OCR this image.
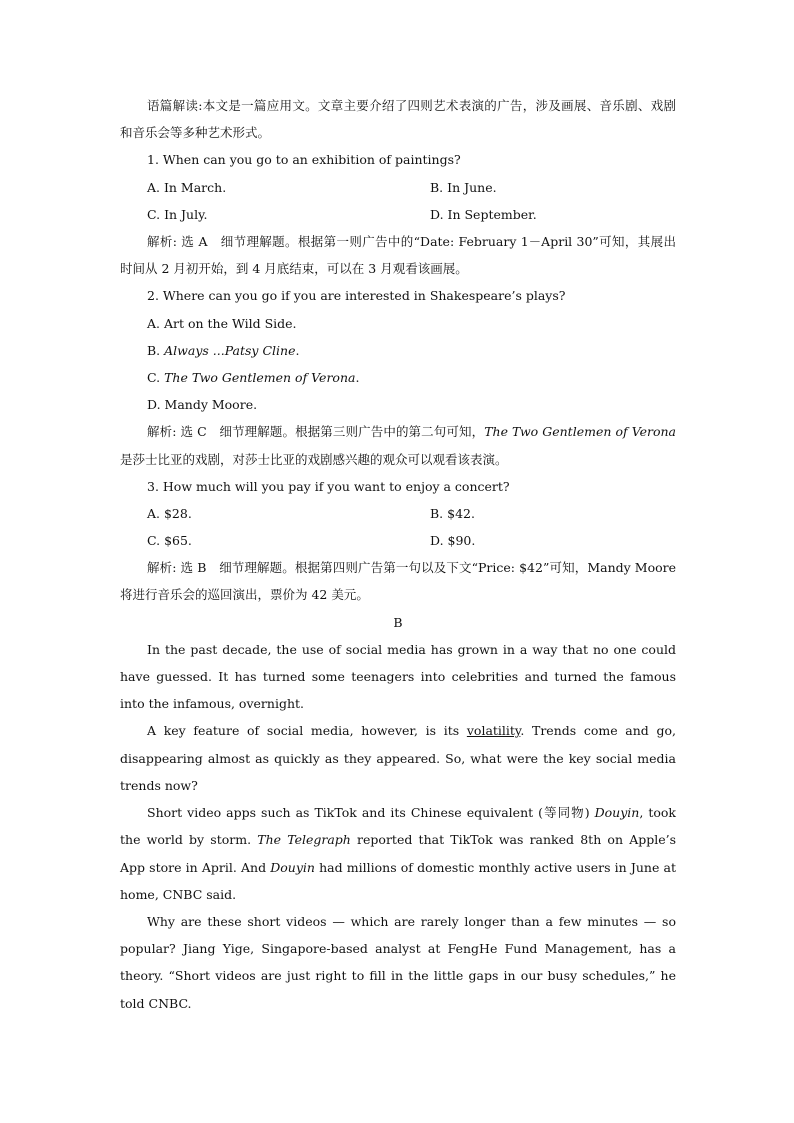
语篇解读:本文是一篇应用文。文章主要介绍了四则艺术表演的广告，涉及画展、音乐剧、戏剧和音乐会等多种艺术形式。

1. When can you go to an exhibition of paintings?
A. In March.	B. In June.
C. In July.	D. In September.

解析: 选 A　细节理解题。根据第一则广告中的“Date: February 1－April 30”可知，其展出时间从 2 月初开始，到 4 月底结束，可以在 3 月观看该画展。

2. Where can you go if you are interested in Shakespeare’s plays?
A. Art on the Wild Side.
B. Always ...Patsy Cline.
C. The Two Gentlemen of Verona.
D. Mandy Moore.

解析: 选 C　细节理解题。根据第三则广告中的第二句可知，The Two Gentlemen of Verona是莎士比亚的戏剧，对莎士比亚的戏剧感兴趣的观众可以观看该表演。

3. How much will you pay if you want to enjoy a concert?
A. $28.	B. $42.
C. $65.	D. $90.

解析: 选 B　细节理解题。根据第四则广告第一句以及下文“Price: $42”可知，Mandy Moore 将进行音乐会的巡回演出，票价为 42 美元。

B

In the past decade, the use of social media has grown in a way that no one could have guessed. It has turned some teenagers into celebrities and turned the famous into the infamous, overnight.

A key feature of social media, however, is its volatility. Trends come and go, disappearing almost as quickly as they appeared. So, what were the key social media trends now?

Short video apps such as TikTok and its Chinese equivalent (等同物) Douyin, took the world by storm. The Telegraph reported that TikTok was ranked 8th on Apple’s App store in April. And Douyin had millions of domestic monthly active users in June at home, CNBC said.

Why are these short videos — which are rarely longer than a few minutes — so popular? Jiang Yige, Singapore-based analyst at FengHe Fund Management, has a theory. “Short videos are just right to fill in the little gaps in our busy schedules,” he told CNBC.
